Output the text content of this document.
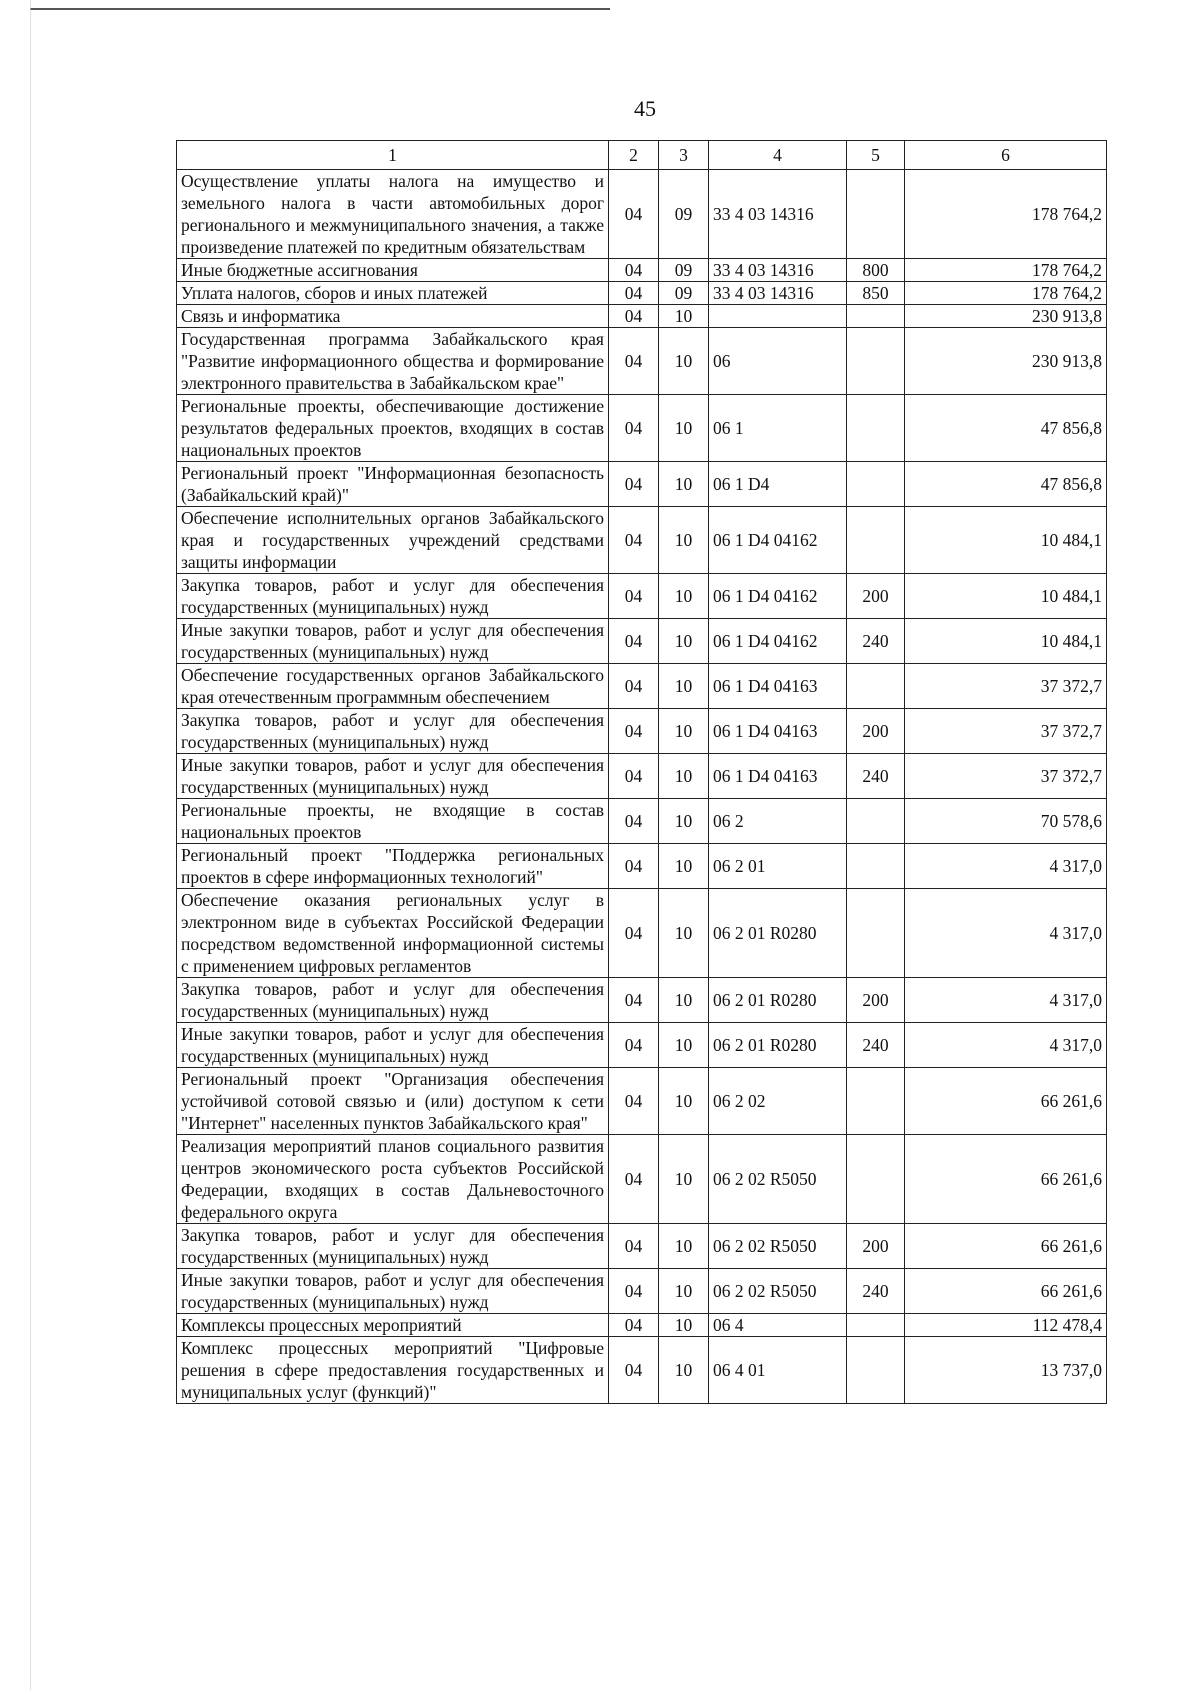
45
1	2	3	4	5	6
Осуществление уплаты налога на имущество и земельного налога в части автомобильных дорог регионального и межмуниципального значения, а также произведение платежей по кредитным обязательствам	04	09	33 4 03 14316		178 764,2
Иные бюджетные ассигнования	04	09	33 4 03 14316	800	178 764,2
Уплата налогов, сборов и иных платежей	04	09	33 4 03 14316	850	178 764,2
Связь и информатика	04	10			230 913,8
Государственная программа Забайкальского края "Развитие информационного общества и формирование электронного правительства в Забайкальском крае"	04	10	06		230 913,8
Региональные проекты, обеспечивающие достижение результатов федеральных проектов, входящих в состав национальных проектов	04	10	06 1		47 856,8
Региональный проект "Информационная безопасность (Забайкальский край)"	04	10	06 1 D4		47 856,8
Обеспечение исполнительных органов Забайкальского края и государственных учреждений средствами защиты информации	04	10	06 1 D4 04162		10 484,1
Закупка товаров, работ и услуг для обеспечения государственных (муниципальных) нужд	04	10	06 1 D4 04162	200	10 484,1
Иные закупки товаров, работ и услуг для обеспечения государственных (муниципальных) нужд	04	10	06 1 D4 04162	240	10 484,1
Обеспечение государственных органов Забайкальского края отечественным программным обеспечением	04	10	06 1 D4 04163		37 372,7
Закупка товаров, работ и услуг для обеспечения государственных (муниципальных) нужд	04	10	06 1 D4 04163	200	37 372,7
Иные закупки товаров, работ и услуг для обеспечения государственных (муниципальных) нужд	04	10	06 1 D4 04163	240	37 372,7
Региональные проекты, не входящие в состав национальных проектов	04	10	06 2		70 578,6
Региональный проект "Поддержка региональных проектов в сфере информационных технологий"	04	10	06 2 01		4 317,0
Обеспечение оказания региональных услуг в электронном виде в субъектах Российской Федерации посредством ведомственной информационной системы с применением цифровых регламентов	04	10	06 2 01 R0280		4 317,0
Закупка товаров, работ и услуг для обеспечения государственных (муниципальных) нужд	04	10	06 2 01 R0280	200	4 317,0
Иные закупки товаров, работ и услуг для обеспечения государственных (муниципальных) нужд	04	10	06 2 01 R0280	240	4 317,0
Региональный проект "Организация обеспечения устойчивой сотовой связью и (или) доступом к сети "Интернет" населенных пунктов Забайкальского края"	04	10	06 2 02		66 261,6
Реализация мероприятий планов социального развития центров экономического роста субъектов Российской Федерации, входящих в состав Дальневосточного федерального округа	04	10	06 2 02 R5050		66 261,6
Закупка товаров, работ и услуг для обеспечения государственных (муниципальных) нужд	04	10	06 2 02 R5050	200	66 261,6
Иные закупки товаров, работ и услуг для обеспечения государственных (муниципальных) нужд	04	10	06 2 02 R5050	240	66 261,6
Комплексы процессных мероприятий	04	10	06 4		112 478,4
Комплекс процессных мероприятий "Цифровые решения в сфере предоставления государственных и муниципальных услуг (функций)"	04	10	06 4 01		13 737,0
